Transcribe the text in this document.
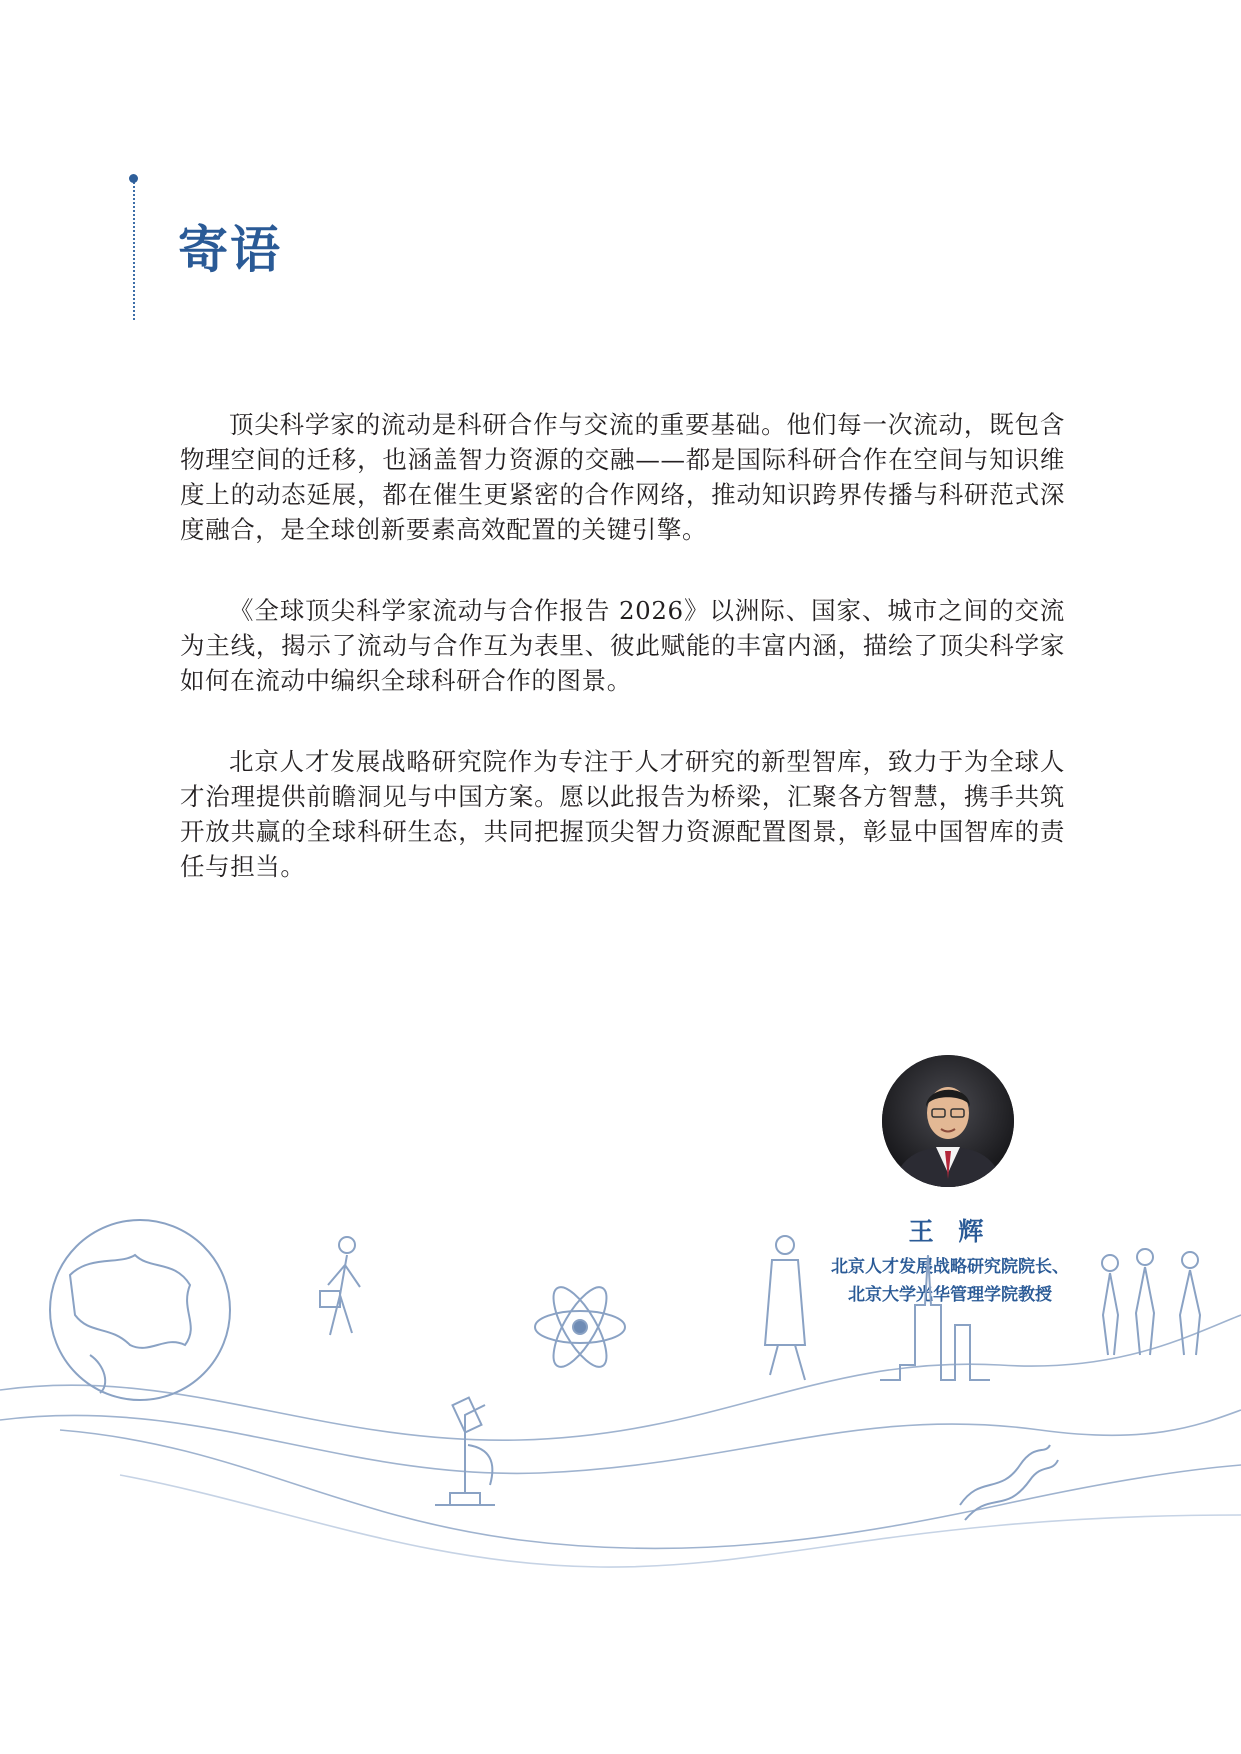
寄语

顶尖科学家的流动是科研合作与交流的重要基础。他们每一次流动，既包含物理空间的迁移，也涵盖智力资源的交融——都是国际科研合作在空间与知识维度上的动态延展，都在催生更紧密的合作网络，推动知识跨界传播与科研范式深度融合，是全球创新要素高效配置的关键引擎。

《全球顶尖科学家流动与合作报告 2026》以洲际、国家、城市之间的交流为主线，揭示了流动与合作互为表里、彼此赋能的丰富内涵，描绘了顶尖科学家如何在流动中编织全球科研合作的图景。

北京人才发展战略研究院作为专注于人才研究的新型智库，致力于为全球人才治理提供前瞻洞见与中国方案。愿以此报告为桥梁，汇聚各方智慧，携手共筑开放共赢的全球科研生态，共同把握顶尖智力资源配置图景，彰显中国智库的责任与担当。

王 辉
北京人才发展战略研究院院长、
北京大学光华管理学院教授
